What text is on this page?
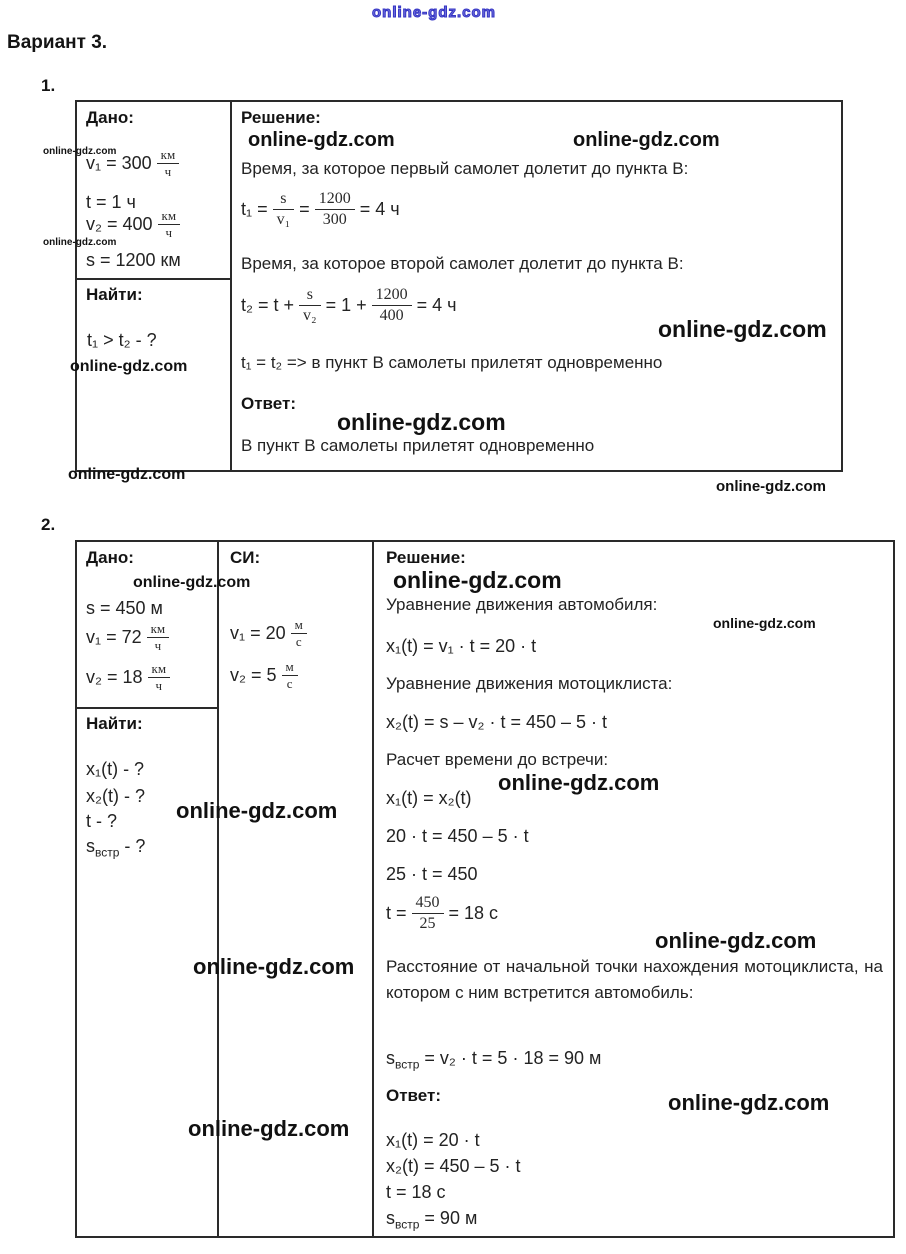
online-gdz.com
Вариант 3.
1.
Дано:
$v_1 = 300 \frac{км}{ч}$
t = 1 ч
$v_2 = 400 \frac{км}{ч}$
s = 1200 км
Найти:
t₁ > t₂ - ?
Решение:
Время, за которое первый самолет долетит до пункта В:
$t_1 = \frac{s}{\text{v₁}} = \frac{1200}{300} = 4$ ч
Время, за которое второй самолет долетит до пункта В:
$t_2 = t + \frac{s}{\text{v₂}} = 1 + \frac{1200}{400} = 4$ ч
t₁ = t₂ => в пункт В самолеты прилетят одновременно
Ответ:
В пункт В самолеты прилетят одновременно
online-gdz.com
online-gdz.com
online-gdz.com	online-gdz.com
online-gdz.com
online-gdz.com
online-gdz.com
online-gdz.com
online-gdz.com
2.
Дано:
s = 450 м
$v_1 = 72 \frac{км}{ч}$
$v_2 = 18 \frac{км}{ч}$
Найти:
x₁(t) - ?
x₂(t) - ?
t - ?
$s_{встр}$ - ?
СИ:
$v_1 = 20 \frac{м}{с}$
$v_2 = 5 \frac{м}{с}$
Решение:
Уравнение движения автомобиля:
x₁(t) = v₁ · t = 20 · t
Уравнение движения мотоциклиста:
x₂(t) = s – v₂ · t = 450 – 5 · t
Расчет времени до встречи:
x₁(t) = x₂(t)
20 · t = 450 – 5 · t
25 · t = 450
$t = \frac{450}{25} = 18$ с
Расстояние от начальной точки нахождения мотоциклиста, на котором с ним встретится автомобиль:
$s_{встр} = v_2 \cdot t = 5 \cdot 18 = 90$ м
Ответ:
x₁(t) = 20 · t
x₂(t) = 450 – 5 · t
t = 18 с
$s_{встр} = 90$ м
online-gdz.com	online-gdz.com
online-gdz.com
online-gdz.com
online-gdz.com
online-gdz.com
online-gdz.com
online-gdz.com
online-gdz.com
